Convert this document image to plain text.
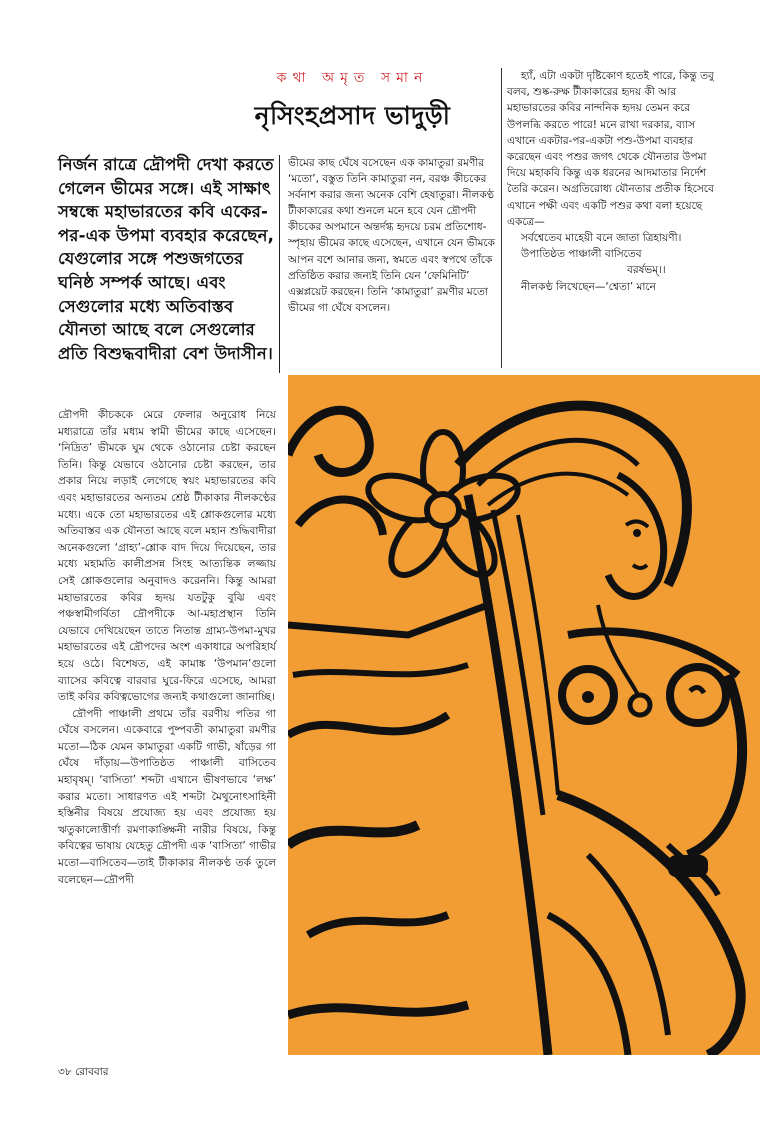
কথা অমৃত সমান
নৃসিংহপ্রসাদ ভাদুড়ী
নির্জন রাত্রে দ্রৌপদী দেখা করতে গেলেন ভীমের সঙ্গে। এই সাক্ষাৎ সম্বন্ধে মহাভারতের কবি একের-পর-এক উপমা ব্যবহার করেছেন, যেগুলোর সঙ্গে পশুজগতের ঘনিষ্ঠ সম্পর্ক আছে। এবং সেগুলোর মধ্যে অতিবাস্তব যৌনতা আছে বলে সেগুলোর প্রতি বিশুদ্ধবাদীরা বেশ উদাসীন।

ভীমের কাছ ঘেঁষে বসেছেন এক কামাতুরা রমণীর ‘মতো’, বস্তুত তিনি কামাতুরা নন, বরঞ্চ কীচকের সর্বনাশ করার জন্য অনেক বেশি হেষাতুরা। নীলকণ্ঠ টীকাকারের কথা শুনলে মনে হবে যেন দ্রৌপদী কীচকের অপমানে অন্তর্দগ্ধ হৃদয়ে চরম প্রতিশোধ-স্পৃহায় ভীমের কাছে এসেছেন, এখানে যেন ভীমকে আপন বশে আনার জন্য, স্বমতে এবং স্বপথে তাঁকে প্রতিষ্ঠিত করার জন্যই তিনি যেন ‘ফেমিনিটি’ এক্সপ্লয়েট করছেন। তিনি ‘কামাতুরা’ রমণীর মতো ভীমের গা ঘেঁষে বসলেন।

হ্যাঁ, এটা একটা দৃষ্টিকোণ হতেই পারে, কিন্তু তবু বলব, শুষ্ক-রুক্ষ টীকাকারের হৃদয় কী আর মহাভারতের কবির নান্দনিক হৃদয় তেমন করে উপলব্ধি করতে পারে! মনে রাখা দরকার, ব্যাস এখানে একটার-পর-একটা পশু-উপমা ব্যবহার করেছেন এবং পশুর জগৎ থেকে যৌনতার উপমা দিয়ে মহাকবি কিন্তু এক ধরনের আদমাতার নির্দেশ তৈরি করেন। অগ্রতিরোধ্য যৌনতার প্রতীক হিসেবে এখানে পক্ষী এবং একটি পশুর কথা বলা হয়েছে একত্রে—

সর্বশ্বেতেব মাহেয়ী বনে জাতা ত্রিহায়ণী।

উপাতিষ্ঠত পাঞ্চালী বাসিতেব

বরর্ষভম্।।

নীলকণ্ঠ লিখেছেন—‘শ্বেতা’ মানে

দ্রৌপদী কীচককে মেরে ফেলার অনুরোধ নিয়ে মধ্যরাত্রে তাঁর মধ্যম স্বামী ভীমের কাছে এসেছেন। ‘নিদ্রিত’ ভীমকে ঘুম থেকে ওঠানোর চেষ্টা করছেন তিনি। কিন্তু যেভাবে ওঠানোর চেষ্টা করছেন, তার প্রকার নিয়ে লড়াই লেগেছে স্বয়ং মহাভারতের কবি এবং মহাভারতের অন্যতম শ্রেষ্ঠ টীকাকার নীলকণ্ঠের মধ্যে। একে তো মহাভারতের এই শ্লোকগুলোর মধ্যে অতিবাস্তব এক যৌনতা আছে বলে মহান শুদ্ধিবাদীরা অনেকগুলো ‘গ্রাহ্য’-শ্লোক বাদ দিয়ে দিয়েছেন, তার মধ্যে মহামতি কালীপ্রসন্ন সিংহ আত্যন্তিক লজ্জায় সেই শ্লোকগুলোর অনুবাদও করেননি। কিন্তু আমরা মহাভারতের কবির হৃদয় যতটুকু বুঝি এবং পঞ্চস্বামীগর্বিতা দ্রৌপদীকে আ-মহাপ্রস্থান তিনি যেভাবে দেখিয়েছেন তাতে নিতান্ত গ্রাম্য-উপমা-মুখর মহাভারতের এই দ্রৌপদের অংশ একাধারে অপরিহার্য হয়ে ওঠে। বিশেষত, এই কামাঙ্ক ‘উপমান’গুলো ব্যাসের কবিত্বে বারবার ঘুরে-ফিরে এসেছে, আমরা তাই কবির কবিত্বভোগের জন্যই কথাগুলো জানাচ্ছি।

দ্রৌপদী পাঞ্চালী প্রথমে তাঁর বরণীয় পতির গা ঘেঁষে বসলেন। একেবারে পুষ্পবতী কামাতুরা রমণীর মতো—ঠিক যেমন কামাতুরা একটি গাভী, ষাঁড়ের গা ঘেঁষে দাঁড়ায়—উপাতিষ্ঠত পাঞ্চালী বাসিতেব মহাবৃষম্। ‘বাসিতা’ শব্দটা এখানে ভীষণভাবে ‘লক্ষ’ করার মতো। সাধারণত এই শব্দটা মৈথুনোৎসাহিনী হস্তিনীর বিষয়ে প্রযোজ্য হয় এবং প্রযোজ্য হয় ঋতুকালোত্তীর্ণা রমণাকাঙ্ক্ষিনী নারীর বিষয়ে, কিন্তু কবিত্বের ভাষায় যেহেতু দ্রৌপদী এক ‘বাসিতা’ গাভীর মতো—বাসিতেব—তাই টীকাকার নীলকণ্ঠ তর্ক তুলে বলেছেন—দ্রৌপদী

৩৮ রোববার
